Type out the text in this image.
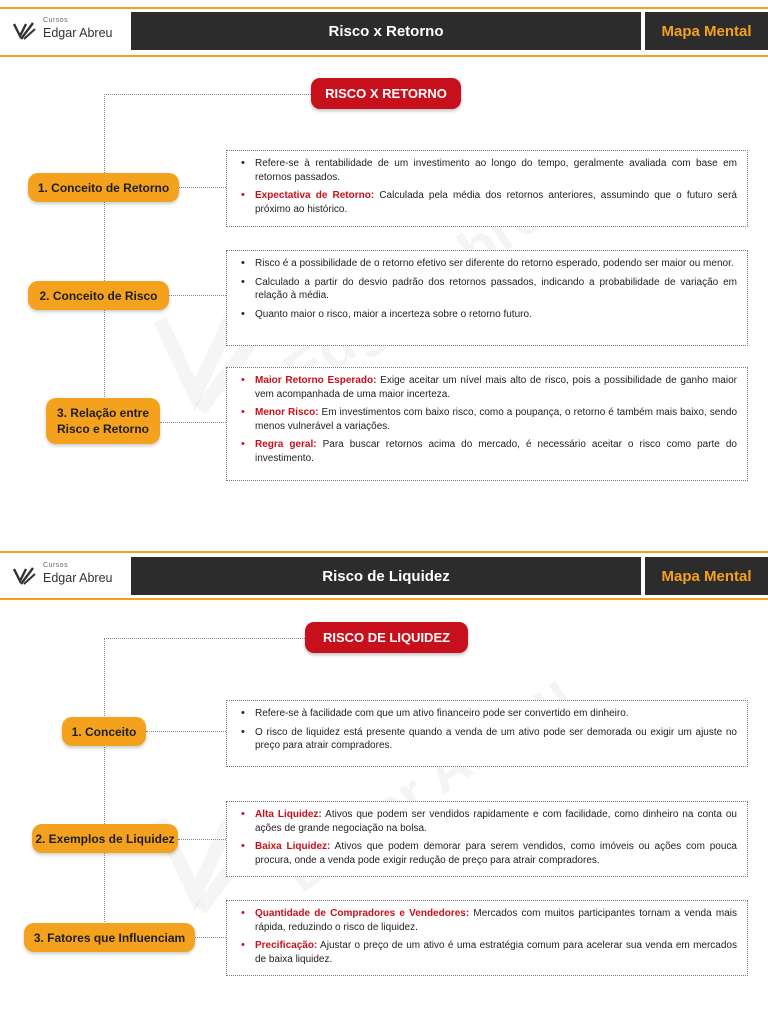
Cursos
Edgar Abreu	Risco x Retorno	Mapa Mental
RISCO X RETORNO
1. Conceito de Retorno
2. Conceito de Risco
3. Relação entre
Risco e Retorno
• Refere-se à rentabilidade de um investimento ao longo do tempo, geralmente avaliada com base em retornos passados.
• Expectativa de Retorno: Calculada pela média dos retornos anteriores, assumindo que o futuro será próximo ao histórico.
• Risco é a possibilidade de o retorno efetivo ser diferente do retorno esperado, podendo ser maior ou menor.
• Calculado a partir do desvio padrão dos retornos passados, indicando a probabilidade de variação em relação à média.
• Quanto maior o risco, maior a incerteza sobre o retorno futuro.
• Maior Retorno Esperado: Exige aceitar um nível mais alto de risco, pois a possibilidade de ganho maior vem acompanhada de uma maior incerteza.
• Menor Risco: Em investimentos com baixo risco, como a poupança, o retorno é também mais baixo, sendo menos vulnerável a variações.
• Regra geral: Para buscar retornos acima do mercado, é necessário aceitar o risco como parte do investimento.
Cursos
Edgar Abreu	Risco de Liquidez	Mapa Mental
RISCO DE LIQUIDEZ
1. Conceito
2. Exemplos de Liquidez
3. Fatores que Influenciam
• Refere-se à facilidade com que um ativo financeiro pode ser convertido em dinheiro.
• O risco de liquidez está presente quando a venda de um ativo pode ser demorada ou exigir um ajuste no preço para atrair compradores.
• Alta Liquidez: Ativos que podem ser vendidos rapidamente e com facilidade, como dinheiro na conta ou ações de grande negociação na bolsa.
• Baixa Liquidez: Ativos que podem demorar para serem vendidos, como imóveis ou ações com pouca procura, onde a venda pode exigir redução de preço para atrair compradores.
• Quantidade de Compradores e Vendedores: Mercados com muitos participantes tornam a venda mais rápida, reduzindo o risco de liquidez.
• Precificação: Ajustar o preço de um ativo é uma estratégia comum para acelerar sua venda em mercados de baixa liquidez.
